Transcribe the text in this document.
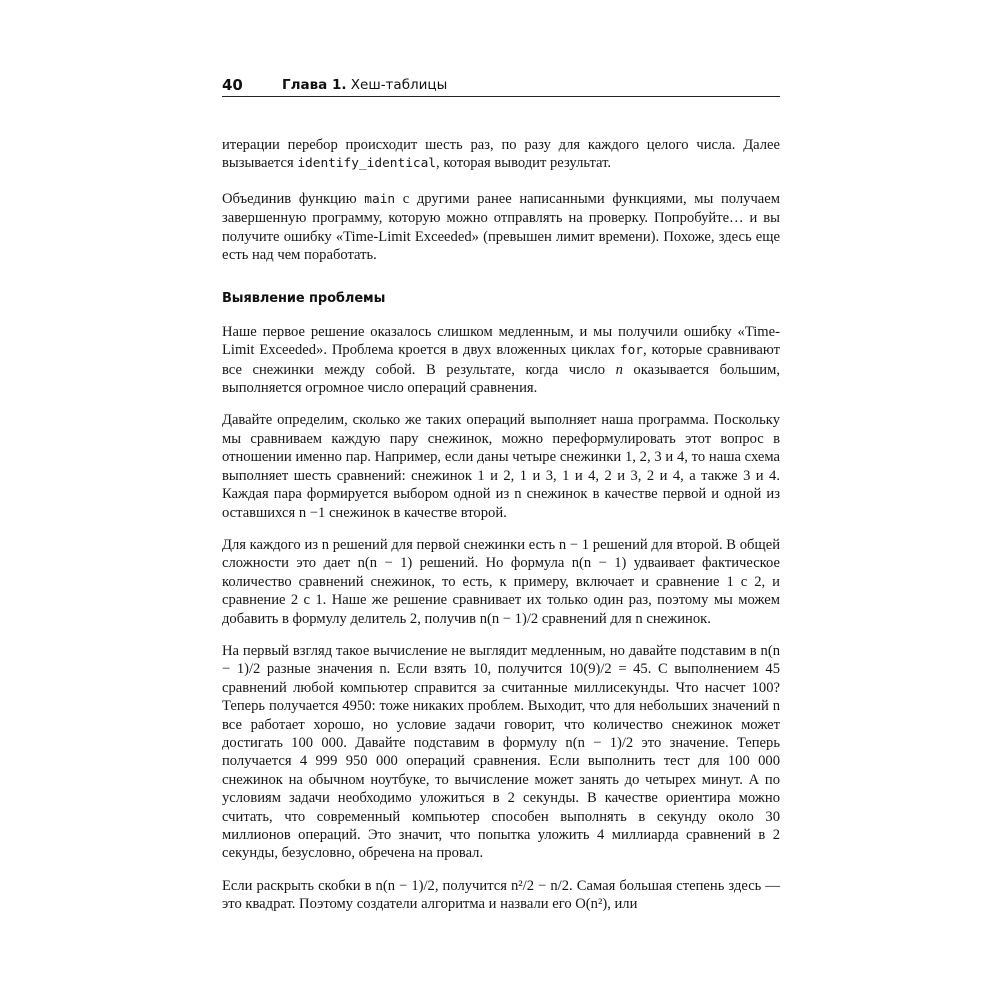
40	Глава 1. Хеш-таблицы

итерации перебор происходит шесть раз, по разу для каждого целого числа. Далее вызывается identify_identical, которая выводит результат.

Объединив функцию main с другими ранее написанными функциями, мы получаем завершенную программу, которую можно отправлять на проверку. Попробуйте… и вы получите ошибку «Time-Limit Exceeded» (превышен лимит времени). Похоже, здесь еще есть над чем поработать.

Выявление проблемы

Наше первое решение оказалось слишком медленным, и мы получили ошибку «Time-Limit Exceeded». Проблема кроется в двух вложенных циклах for, которые сравнивают все снежинки между собой. В результате, когда число n оказывается большим, выполняется огромное число операций сравнения.

Давайте определим, сколько же таких операций выполняет наша программа. Поскольку мы сравниваем каждую пару снежинок, можно переформулировать этот вопрос в отношении именно пар. Например, если даны четыре снежинки 1, 2, 3 и 4, то наша схема выполняет шесть сравнений: снежинок 1 и 2, 1 и 3, 1 и 4, 2 и 3, 2 и 4, а также 3 и 4. Каждая пара формируется выбором одной из n снежинок в качестве первой и одной из оставшихся n −1 снежинок в качестве второй.

Для каждого из n решений для первой снежинки есть n − 1 решений для второй. В общей сложности это дает n(n − 1) решений. Но формула n(n − 1) удваивает фактическое количество сравнений снежинок, то есть, к примеру, включает и сравнение 1 с 2, и сравнение 2 с 1. Наше же решение сравнивает их только один раз, поэтому мы можем добавить в формулу делитель 2, получив n(n − 1)/2 сравнений для n снежинок.

На первый взгляд такое вычисление не выглядит медленным, но давайте подставим в n(n − 1)/2 разные значения n. Если взять 10, получится 10(9)/2 = 45. С выполнением 45 сравнений любой компьютер справится за считанные миллисекунды. Что насчет 100? Теперь получается 4950: тоже никаких проблем. Выходит, что для небольших значений n все работает хорошо, но условие задачи говорит, что количество снежинок может достигать 100 000. Давайте подставим в формулу n(n − 1)/2 это значение. Теперь получается 4 999 950 000 операций сравнения. Если выполнить тест для 100 000 снежинок на обычном ноутбуке, то вычисление может занять до четырех минут. А по условиям задачи необходимо уложиться в 2 секунды. В качестве ориентира можно считать, что современный компьютер способен выполнять в секунду около 30 миллионов операций. Это значит, что попытка уложить 4 миллиарда сравнений в 2 секунды, безусловно, обречена на провал.

Если раскрыть скобки в n(n − 1)/2, получится n²/2 − n/2. Самая большая степень здесь — это квадрат. Поэтому создатели алгоритма и назвали его O(n²), или
